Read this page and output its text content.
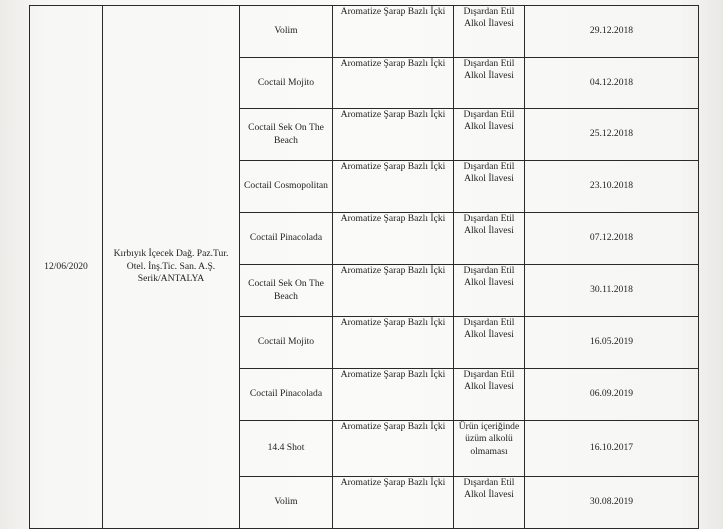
12/06/2020	Kırbıyık İçecek Dağ. Paz.Tur. Otel. İnş.Tic. San. A.Ş. Serik/ANTALYA	Volim	Aromatize Şarap Bazlı İçki	Dışardan Etil Alkol İlavesi	29.12.2018
		Coctail Mojito	Aromatize Şarap Bazlı İçki	Dışardan Etil Alkol İlavesi	04.12.2018
		Coctail Sek On The Beach	Aromatize Şarap Bazlı İçki	Dışardan Etil Alkol İlavesi	25.12.2018
		Coctail Cosmopolitan	Aromatize Şarap Bazlı İçki	Dışardan Etil Alkol İlavesi	23.10.2018
		Coctail Pinacolada	Aromatize Şarap Bazlı İçki	Dışardan Etil Alkol İlavesi	07.12.2018
		Coctail Sek On The Beach	Aromatize Şarap Bazlı İçki	Dışardan Etil Alkol İlavesi	30.11.2018
		Coctail Mojito	Aromatize Şarap Bazlı İçki	Dışardan Etil Alkol İlavesi	16.05.2019
		Coctail Pinacolada	Aromatize Şarap Bazlı İçki	Dışardan Etil Alkol İlavesi	06.09.2019
		14.4 Shot	Aromatize Şarap Bazlı İçki	Ürün içeriğinde üzüm alkolü olmaması	16.10.2017
		Volim	Aromatize Şarap Bazlı İçki	Dışardan Etil Alkol İlavesi	30.08.2019
